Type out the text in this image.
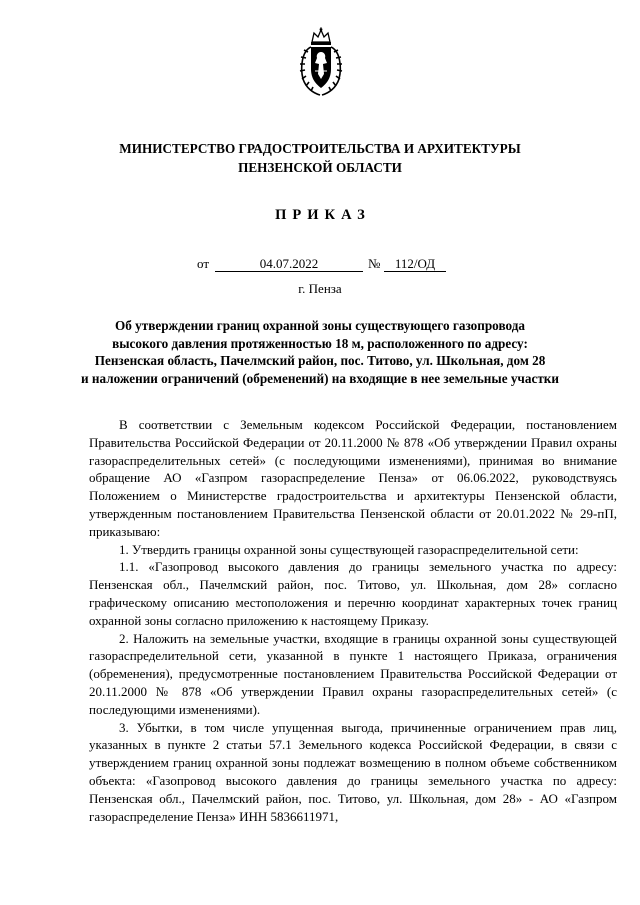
МИНИСТЕРСТВО ГРАДОСТРОИТЕЛЬСТВА И АРХИТЕКТУРЫ
ПЕНЗЕНСКОЙ ОБЛАСТИ
ПРИКАЗ
от	04.07.2022	№	112/ОД
г. Пенза
Об утверждении границ охранной зоны существующего газопровода
высокого давления протяженностью 18 м, расположенного по адресу:
Пензенская область, Пачелмский район, пос. Титово, ул. Школьная, дом 28
и наложении ограничений (обременений) на входящие в нее земельные участки

В соответствии с Земельным кодексом Российской Федерации, постановлением Правительства Российской Федерации от 20.11.2000 № 878 «Об утверждении Правил охраны газораспределительных сетей» (с последующими изменениями), принимая во внимание обращение АО «Газпром газораспределение Пенза» от 06.06.2022, руководствуясь Положением о Министерстве градостроительства и архитектуры Пензенской области, утвержденным постановлением Правительства Пензенской области от 20.01.2022 № 29-пП, приказываю:

1. Утвердить границы охранной зоны существующей газораспределительной сети:

1.1. «Газопровод высокого давления до границы земельного участка по адресу: Пензенская обл., Пачелмский район, пос. Титово, ул. Школьная, дом 28» согласно графическому описанию местоположения и перечню координат характерных точек границ охранной зоны согласно приложению к настоящему Приказу.

2. Наложить на земельные участки, входящие в границы охранной зоны существующей газораспределительной сети, указанной в пункте 1 настоящего Приказа, ограничения (обременения), предусмотренные постановлением Правительства Российской Федерации от 20.11.2000 № 878 «Об утверждении Правил охраны газораспределительных сетей» (с последующими изменениями).

3. Убытки, в том числе упущенная выгода, причиненные ограничением прав лиц, указанных в пункте 2 статьи 57.1 Земельного кодекса Российской Федерации, в связи с утверждением границ охранной зоны подлежат возмещению в полном объеме собственником объекта: «Газопровод высокого давления до границы земельного участка по адресу: Пензенская обл., Пачелмский район, пос. Титово, ул. Школьная, дом 28» - АО «Газпром газораспределение Пенза» ИНН 5836611971,
